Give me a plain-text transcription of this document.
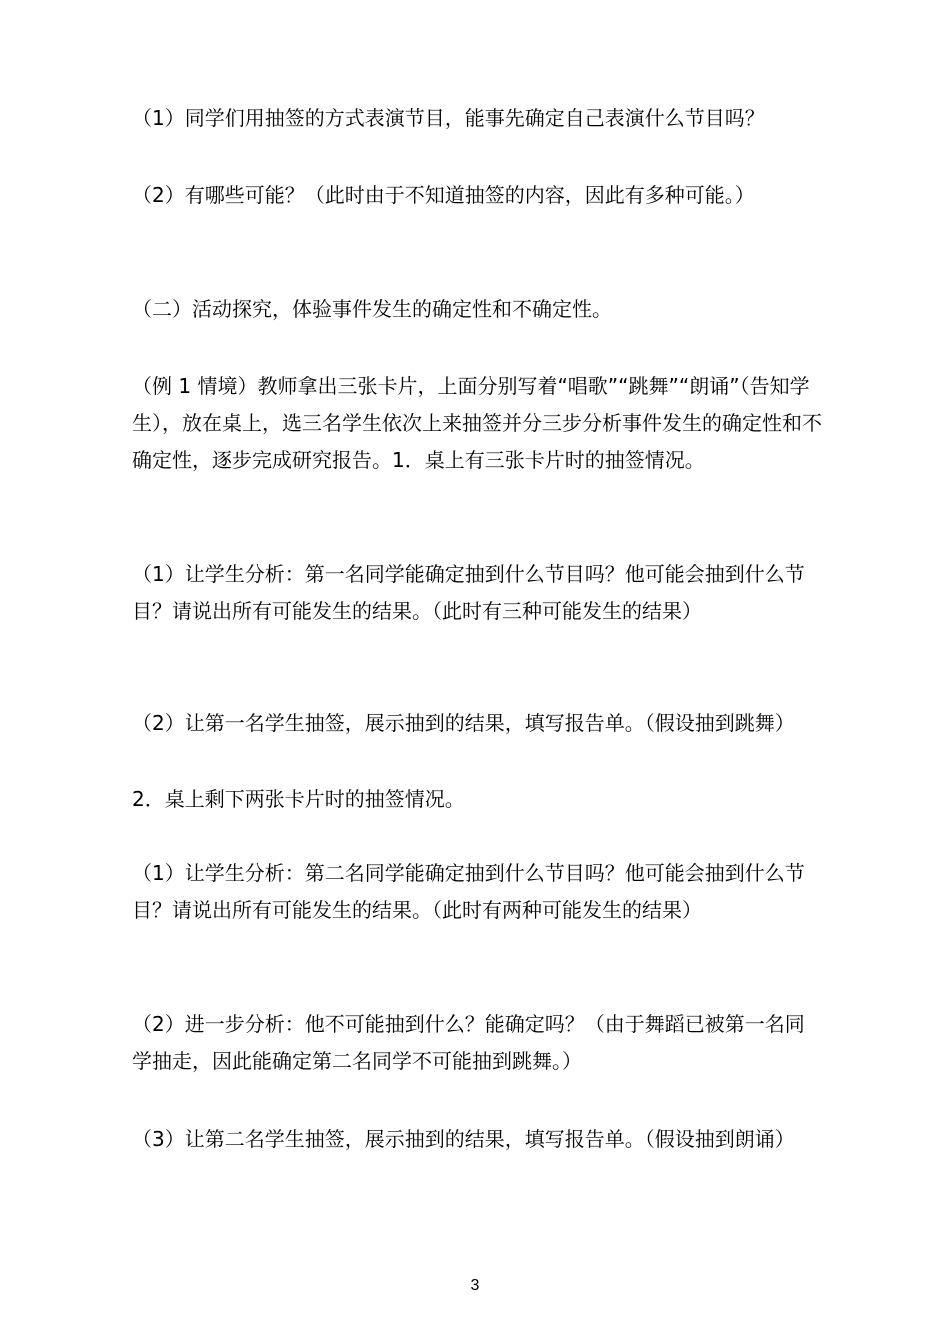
（1）同学们用抽签的方式表演节目，能事先确定自己表演什么节目吗？
（2）有哪些可能？（此时由于不知道抽签的内容，因此有多种可能。）
（二）活动探究，体验事件发生的确定性和不确定性。
（例 1 情境）教师拿出三张卡片，上面分别写着“唱歌”“跳舞”“朗诵”（告知学生），放在桌上，选三名学生依次上来抽签并分三步分析事件发生的确定性和不确定性，逐步完成研究报告。1．桌上有三张卡片时的抽签情况。
（1）让学生分析：第一名同学能确定抽到什么节目吗？他可能会抽到什么节目？请说出所有可能发生的结果。（此时有三种可能发生的结果）
（2）让第一名学生抽签，展示抽到的结果，填写报告单。（假设抽到跳舞）
2．桌上剩下两张卡片时的抽签情况。
（1）让学生分析：第二名同学能确定抽到什么节目吗？他可能会抽到什么节目？请说出所有可能发生的结果。（此时有两种可能发生的结果）
（2）进一步分析：他不可能抽到什么？能确定吗？（由于舞蹈已被第一名同学抽走，因此能确定第二名同学不可能抽到跳舞。）
（3）让第二名学生抽签，展示抽到的结果，填写报告单。（假设抽到朗诵）
3
